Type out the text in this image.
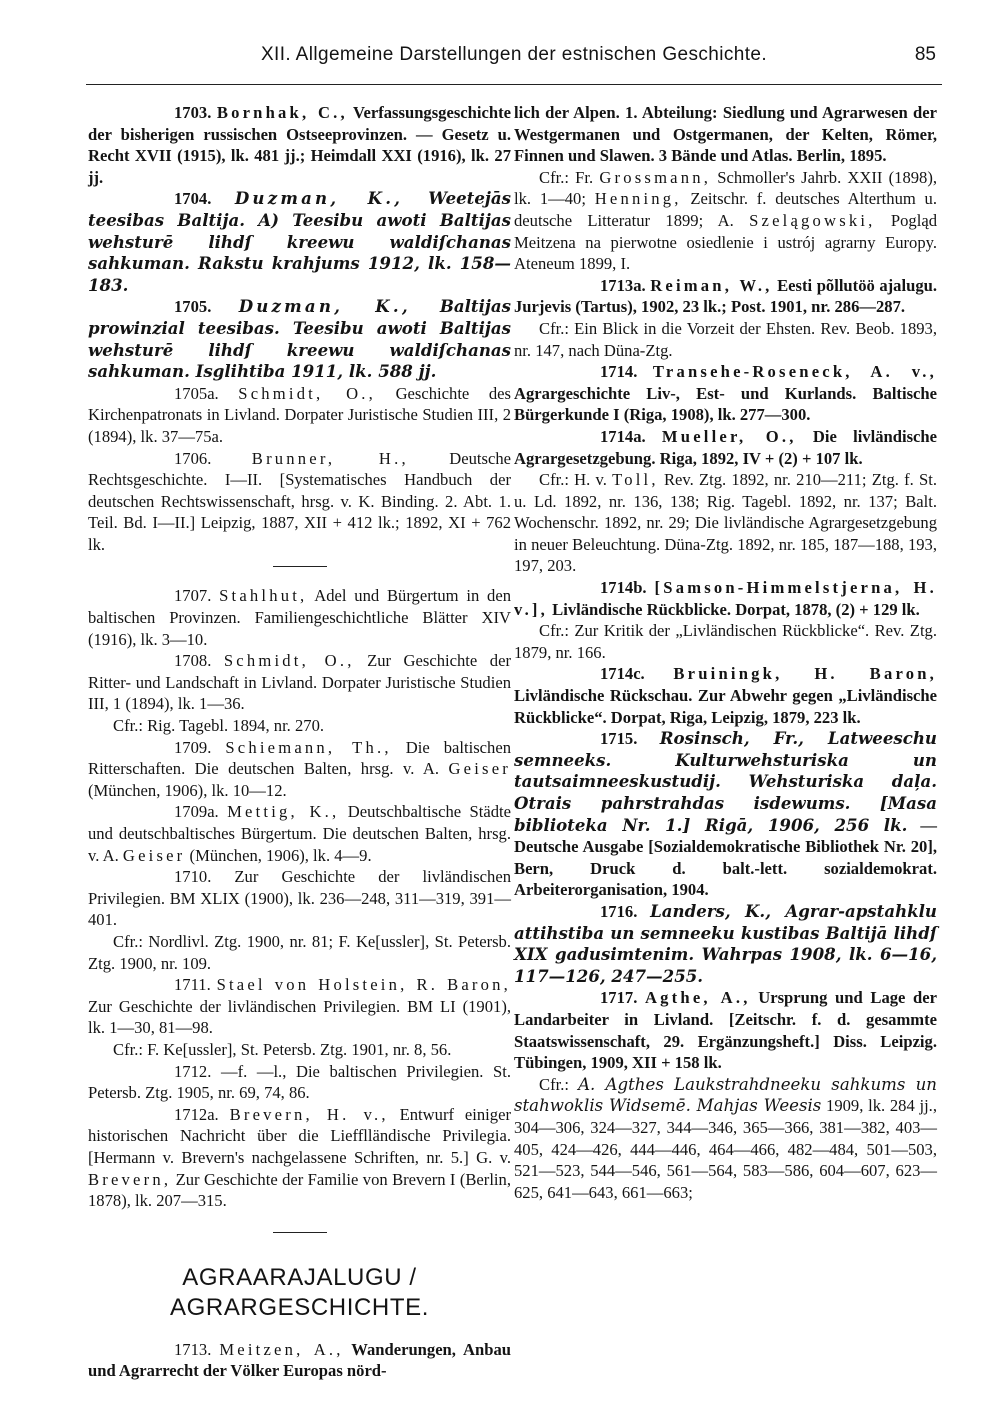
XII. Allgemeine Darstellungen der estnischen Geschichte.	85

1703. Bornhak, C., Verfassungsgeschichte der bisherigen russischen Ostseeprovinzen. — Gesetz u. Recht XVII (1915), lk. 481 jj.; Heimdall XXI (1916), lk. 27 jj.

1704. Duzman, K., Weetejās teesibas Baltija. A) Teesibu awoti Baltijas wehsturē lihdſ kreewu waldiſchanas sahkuman. Rakstu krahjums 1912, lk. 158—183.

1705. Duzman, K., Baltijas prowinzial teesibas. Teesibu awoti Baltijas wehsturē lihdſ kreewu waldiſchanas sahkuman. Isglihtiba 1911, lk. 588 jj.

1705a. Schmidt, O., Geschichte des Kirchenpatronats in Livland. Dorpater Juristische Studien III, 2 (1894), lk. 37—75a.

1706. Brunner, H., Deutsche Rechtsgeschichte. I—II. [Systematisches Handbuch der deutschen Rechtswissenschaft, hrsg. v. K. Binding. 2. Abt. 1. Teil. Bd. I—II.] Leipzig, 1887, XII + 412 lk.; 1892, XI + 762 lk.

1707. Stahlhut, Adel und Bürgertum in den baltischen Provinzen. Familiengeschichtliche Blätter XIV (1916), lk. 3—10.

1708. Schmidt, O., Zur Geschichte der Ritter- und Landschaft in Livland. Dorpater Juristische Studien III, 1 (1894), lk. 1—36.

Cfr.: Rig. Tagebl. 1894, nr. 270.

1709. Schiemann, Th., Die baltischen Ritterschaften. Die deutschen Balten, hrsg. v. A. Geiser (München, 1906), lk. 10—12.

1709a. Mettig, K., Deutschbaltische Städte und deutschbaltisches Bürgertum. Die deutschen Balten, hrsg. v. A. Geiser (München, 1906), lk. 4—9.

1710. Zur Geschichte der livländischen Privilegien. BM XLIX (1900), lk. 236—248, 311—319, 391—401.

Cfr.: Nordlivl. Ztg. 1900, nr. 81; F. Ke[ussler], St. Petersb. Ztg. 1900, nr. 109.

1711. Stael von Holstein, R. Baron, Zur Geschichte der livländischen Privilegien. BM LI (1901), lk. 1—30, 81—98.

Cfr.: F. Ke[ussler], St. Petersb. Ztg. 1901, nr. 8, 56.

1712. —f. —l., Die baltischen Privilegien. St. Petersb. Ztg. 1905, nr. 69, 74, 86.

1712a. Brevern, H. v., Entwurf einiger historischen Nachricht über die Liefflländische Privilegia. [Hermann v. Brevern's nachgelassene Schriften, nr. 5.] G. v. Brevern, Zur Geschichte der Familie von Brevern I (Berlin, 1878), lk. 207—315.

AGRAARAJALUGU / AGRARGESCHICHTE.

1713. Meitzen, A., Wanderungen, Anbau und Agrarrecht der Völker Europas nörd-

lich der Alpen. 1. Abteilung: Siedlung und Agrarwesen der Westgermanen und Ostgermanen, der Kelten, Römer, Finnen und Slawen. 3 Bände und Atlas. Berlin, 1895.

Cfr.: Fr. Grossmann, Schmoller's Jahrb. XXII (1898), lk. 1—40; Henning, Zeitschr. f. deutsches Alterthum u. deutsche Litteratur 1899; A. Szelągowski, Pogląd Meitzena na pierwotne osiedlenie i ustrój agrarny Europy. Ateneum 1899, I.

1713a. Reiman, W., Eesti põllutöö ajalugu. Jurjevis (Tartus), 1902, 23 lk.; Post. 1901, nr. 286—287.

Cfr.: Ein Blick in die Vorzeit der Ehsten. Rev. Beob. 1893, nr. 147, nach Düna-Ztg.

1714. Transehe-Roseneck, A. v., Agrargeschichte Liv-, Est- und Kurlands. Baltische Bürgerkunde I (Riga, 1908), lk. 277—300.

1714a. Mueller, O., Die livländische Agrargesetzgebung. Riga, 1892, IV + (2) + 107 lk.

Cfr.: H. v. Toll, Rev. Ztg. 1892, nr. 210—211; Ztg. f. St. u. Ld. 1892, nr. 136, 138; Rig. Tagebl. 1892, nr. 137; Balt. Wochenschr. 1892, nr. 29; Die livländische Agrargesetzgebung in neuer Beleuchtung. Düna-Ztg. 1892, nr. 185, 187—188, 193, 197, 203.

1714b. [Samson-Himmelstjerna, H. v.], Livländische Rückblicke. Dorpat, 1878, (2) + 129 lk.

Cfr.: Zur Kritik der „Livländischen Rückblicke“. Rev. Ztg. 1879, nr. 166.

1714c. Bruiningk, H. Baron, Livländische Rückschau. Zur Abwehr gegen „Livländische Rückblicke“. Dorpat, Riga, Leipzig, 1879, 223 lk.

1715. Rosinsch, Fr., Latweeschu semneeks. Kulturwehsturiska un tautsaimneeskustudij. Wehsturiska daļa. Otrais pahrstrahdas isdewums. [Masa biblioteka Nr. 1.] Rigā, 1906, 256 lk. — Deutsche Ausgabe [Sozialdemokratische Bibliothek Nr. 20], Bern, Druck d. balt.-lett. sozialdemokrat. Arbeiterorganisation, 1904.

1716. Landers, K., Agrar-apstahklu attihstiba un semneeku kustibas Baltijā lihdſ XIX gadusimtenim. Wahrpas 1908, lk. 6—16, 117—126, 247—255.

1717. Agthe, A., Ursprung und Lage der Landarbeiter in Livland. [Zeitschr. f. d. gesammte Staatswissenschaft, 29. Ergänzungsheft.] Diss. Leipzig. Tübingen, 1909, XII + 158 lk.

Cfr.: A. Agthes Laukstrahdneeku sahkums un stahwoklis Widsemē. Mahjas Weesis 1909, lk. 284 jj., 304—306, 324—327, 344—346, 365—366, 381—382, 403—405, 424—426, 444—446, 464—466, 482—484, 501—503, 521—523, 544—546, 561—564, 583—586, 604—607, 623—625, 641—643, 661—663;
